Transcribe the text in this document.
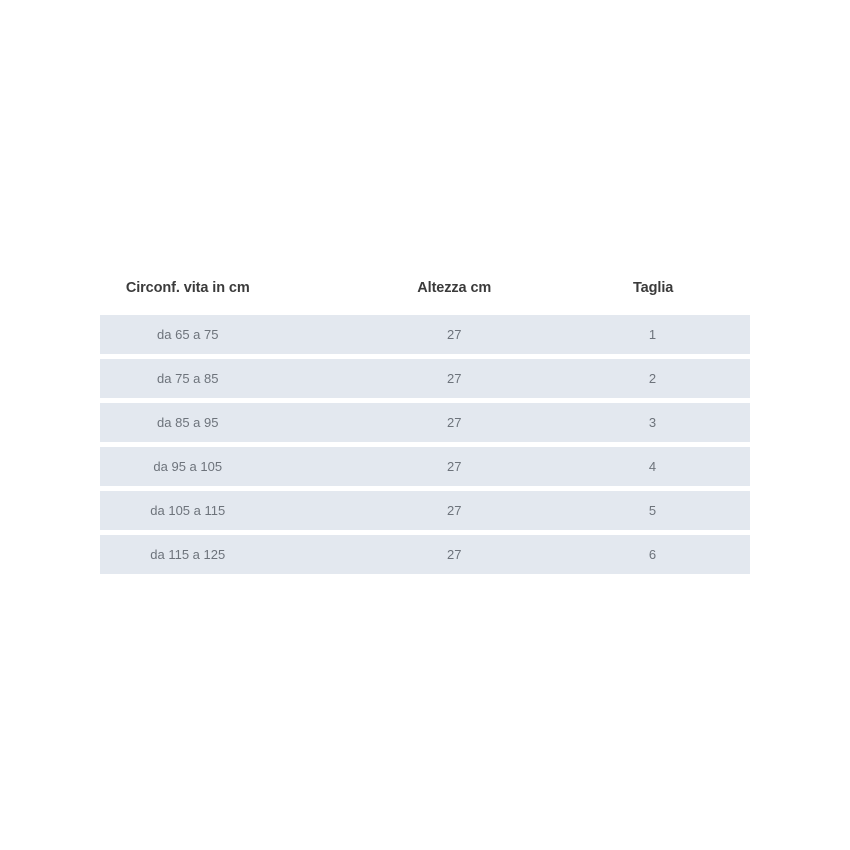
Circonf. vita in cm	Altezza cm	Taglia
da 65 a 75	27	1
da 75 a 85	27	2
da 85 a 95	27	3
da 95 a 105	27	4
da 105 a 115	27	5
da 115 a 125	27	6
